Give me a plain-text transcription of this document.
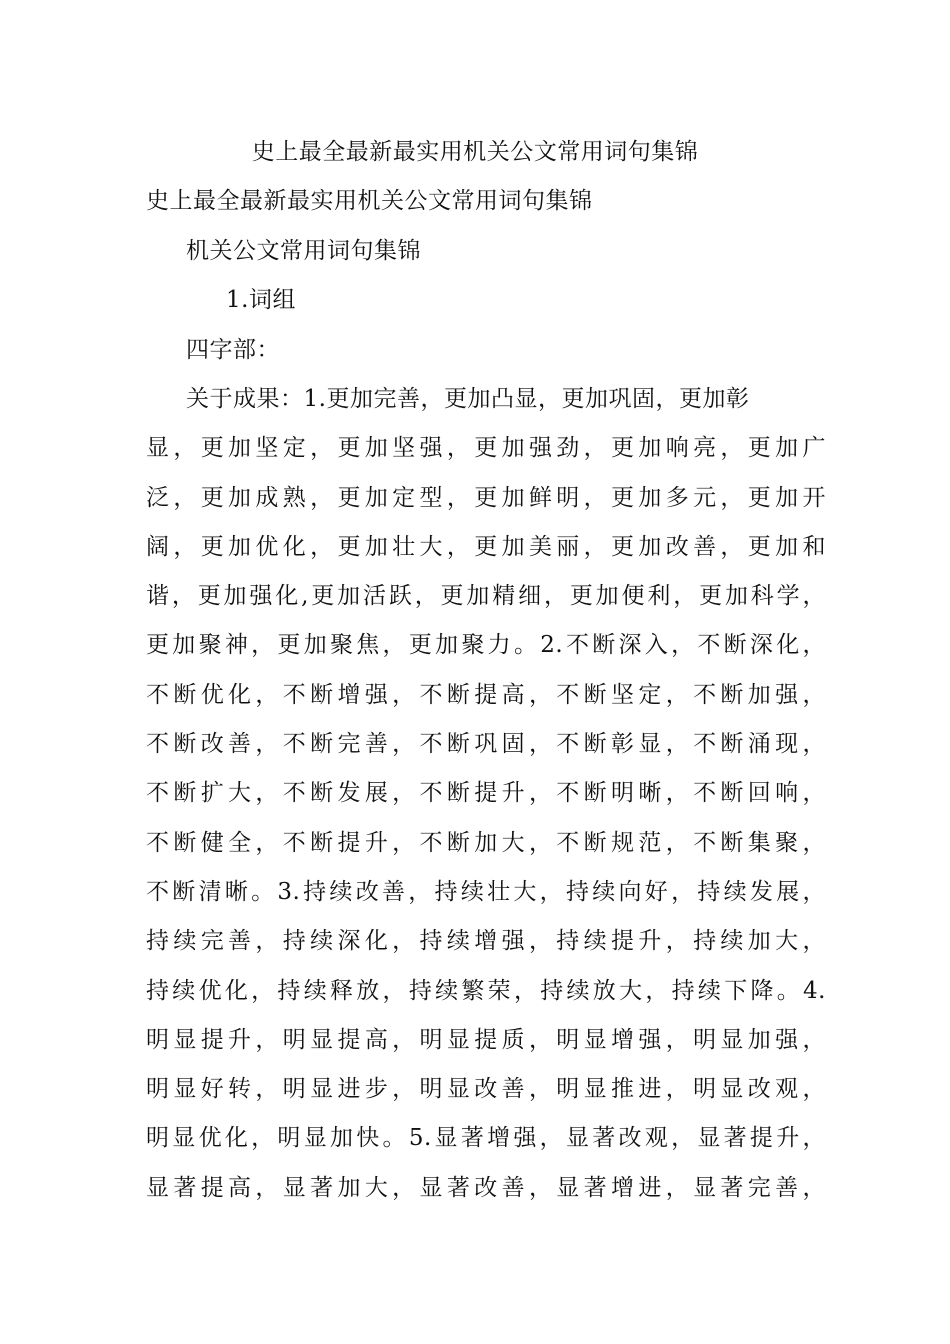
史上最全最新最实用机关公文常用词句集锦
史上最全最新最实用机关公文常用词句集锦
机关公文常用词句集锦
1.词组
四字部：
关于成果：1.更加完善，更加凸显，更加巩固，更加彰
显，更加坚定，更加坚强，更加强劲，更加响亮，更加广
泛，更加成熟，更加定型，更加鲜明，更加多元，更加开
阔，更加优化，更加壮大，更加美丽，更加改善，更加和
谐，更加强化,更加活跃，更加精细，更加便利，更加科学，
更加聚神，更加聚焦，更加聚力。2.不断深入，不断深化，
不断优化，不断增强，不断提高，不断坚定，不断加强，
不断改善，不断完善，不断巩固，不断彰显，不断涌现，
不断扩大，不断发展，不断提升，不断明晰，不断回响，
不断健全，不断提升，不断加大，不断规范，不断集聚，
不断清晰。3.持续改善，持续壮大，持续向好，持续发展，
持续完善，持续深化，持续增强，持续提升，持续加大，
持续优化，持续释放，持续繁荣，持续放大，持续下降。4.
明显提升，明显提高，明显提质，明显增强，明显加强，
明显好转，明显进步，明显改善，明显推进，明显改观，
明显优化，明显加快。5.显著增强，显著改观，显著提升，
显著提高，显著加大，显著改善，显著增进，显著完善，
